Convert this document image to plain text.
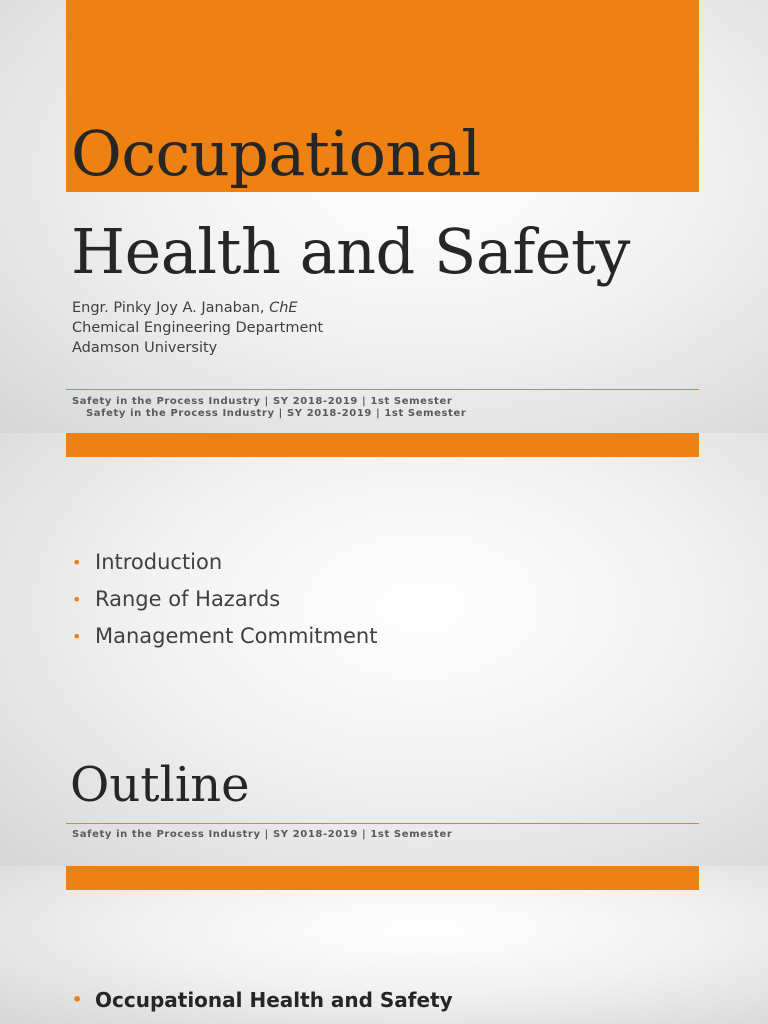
Occupational
Health and Safety
Engr. Pinky Joy A. Janaban, ChE
Chemical Engineering Department
Adamson University
Safety in the Process Industry | SY 2018-2019 | 1st Semester
Safety in the Process Industry | SY 2018-2019 | 1st Semester
• Introduction
• Range of Hazards
• Management Commitment
Outline
Safety in the Process Industry | SY 2018-2019 | 1st Semester
• Occupational Health and Safety
